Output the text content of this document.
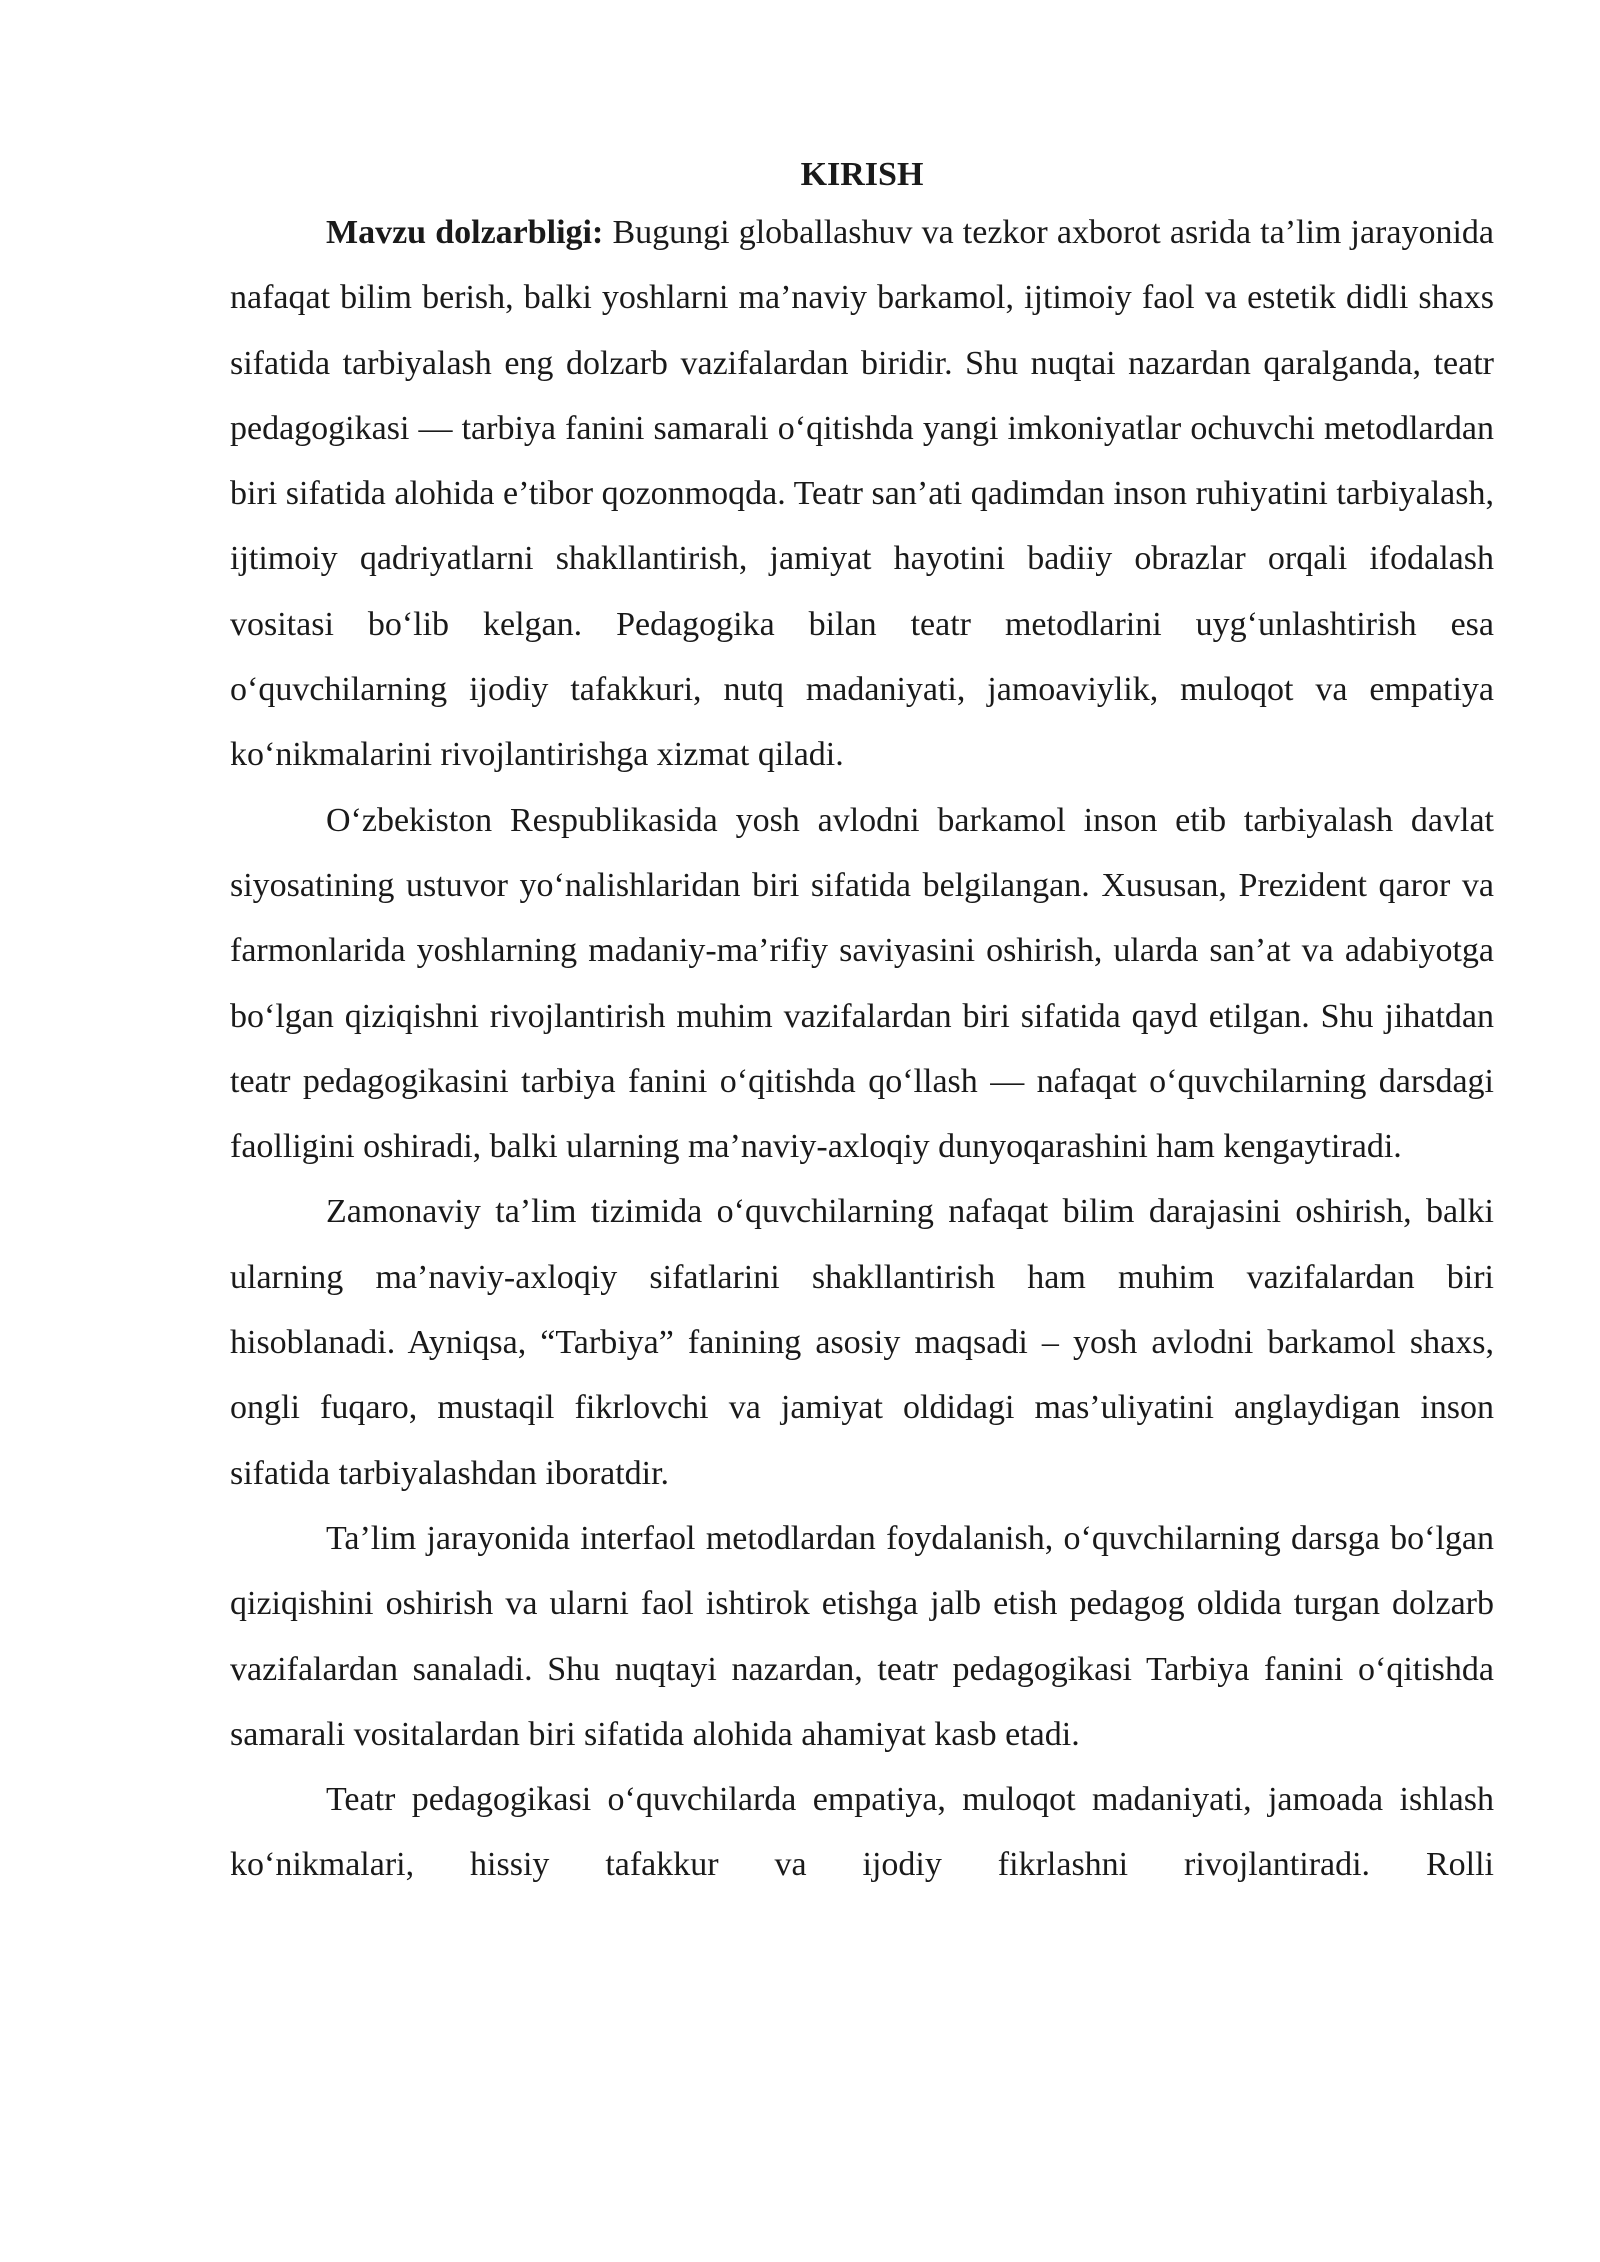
KIRISH

Mavzu dolzarbligi: Bugungi globallashuv va tezkor axborot asrida ta’lim jarayonida nafaqat bilim berish, balki yoshlarni ma’naviy barkamol, ijtimoiy faol va estetik didli shaxs sifatida tarbiyalash eng dolzarb vazifalardan biridir. Shu nuqtai nazardan qaralganda, teatr pedagogikasi — tarbiya fanini samarali o‘qitishda yangi imkoniyatlar ochuvchi metodlardan biri sifatida alohida e’tibor qozonmoqda. Teatr san’ati qadimdan inson ruhiyatini tarbiyalash, ijtimoiy qadriyatlarni shakllantirish, jamiyat hayotini badiiy obrazlar orqali ifodalash vositasi bo‘lib kelgan. Pedagogika bilan teatr metodlarini uyg‘unlashtirish esa o‘quvchilarning ijodiy tafakkuri, nutq madaniyati, jamoaviylik, muloqot va empatiya ko‘nikmalarini rivojlantirishga xizmat qiladi.

O‘zbekiston Respublikasida yosh avlodni barkamol inson etib tarbiyalash davlat siyosatining ustuvor yo‘nalishlaridan biri sifatida belgilangan. Xususan, Prezident qaror va farmonlarida yoshlarning madaniy-ma’rifiy saviyasini oshirish, ularda san’at va adabiyotga bo‘lgan qiziqishni rivojlantirish muhim vazifalardan biri sifatida qayd etilgan. Shu jihatdan teatr pedagogikasini tarbiya fanini o‘qitishda qo‘llash — nafaqat o‘quvchilarning darsdagi faolligini oshiradi, balki ularning ma’naviy-axloqiy dunyoqarashini ham kengaytiradi.

Zamonaviy ta’lim tizimida o‘quvchilarning nafaqat bilim darajasini oshirish, balki ularning ma’naviy-axloqiy sifatlarini shakllantirish ham muhim vazifalardan biri hisoblanadi. Ayniqsa, “Tarbiya” fanining asosiy maqsadi – yosh avlodni barkamol shaxs, ongli fuqaro, mustaqil fikrlovchi va jamiyat oldidagi mas’uliyatini anglaydigan inson sifatida tarbiyalashdan iboratdir.

Ta’lim jarayonida interfaol metodlardan foydalanish, o‘quvchilarning darsga bo‘lgan qiziqishini oshirish va ularni faol ishtirok etishga jalb etish pedagog oldida turgan dolzarb vazifalardan sanaladi. Shu nuqtayi nazardan, teatr pedagogikasi Tarbiya fanini o‘qitishda samarali vositalardan biri sifatida alohida ahamiyat kasb etadi.

Teatr pedagogikasi o‘quvchilarda empatiya, muloqot madaniyati, jamoada ishlash ko‘nikmalari, hissiy tafakkur va ijodiy fikrlashni rivojlantiradi. Rolli
